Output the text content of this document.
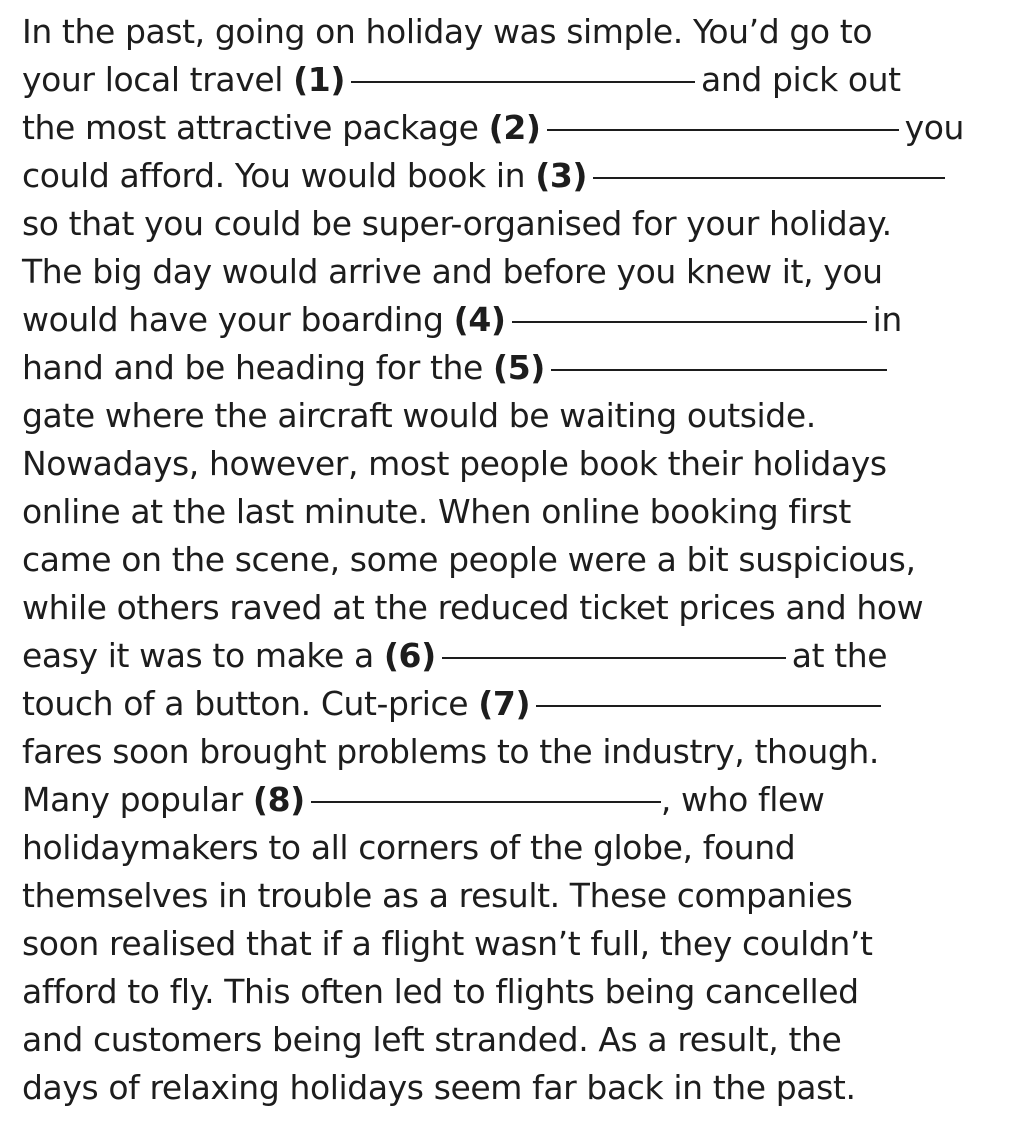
In the past, going on holiday was simple. You’d go to
your local travel (1)	and pick out
the most attractive package (2)	you
could afford. You would book in (3)
so that you could be super-organised for your holiday.
The big day would arrive and before you knew it, you
would have your boarding (4)	in
hand and be heading for the (5)
gate where the aircraft would be waiting outside.
Nowadays, however, most people book their holidays
online at the last minute. When online booking first
came on the scene, some people were a bit suspicious,
while others raved at the reduced ticket prices and how
easy it was to make a (6)	at the
touch of a button. Cut-price (7)
fares soon brought problems to the industry, though.
Many popular (8)	, who flew
holidaymakers to all corners of the globe, found
themselves in trouble as a result. These companies
soon realised that if a flight wasn’t full, they couldn’t
afford to fly. This often led to flights being cancelled
and customers being left stranded. As a result, the
days of relaxing holidays seem far back in the past.
